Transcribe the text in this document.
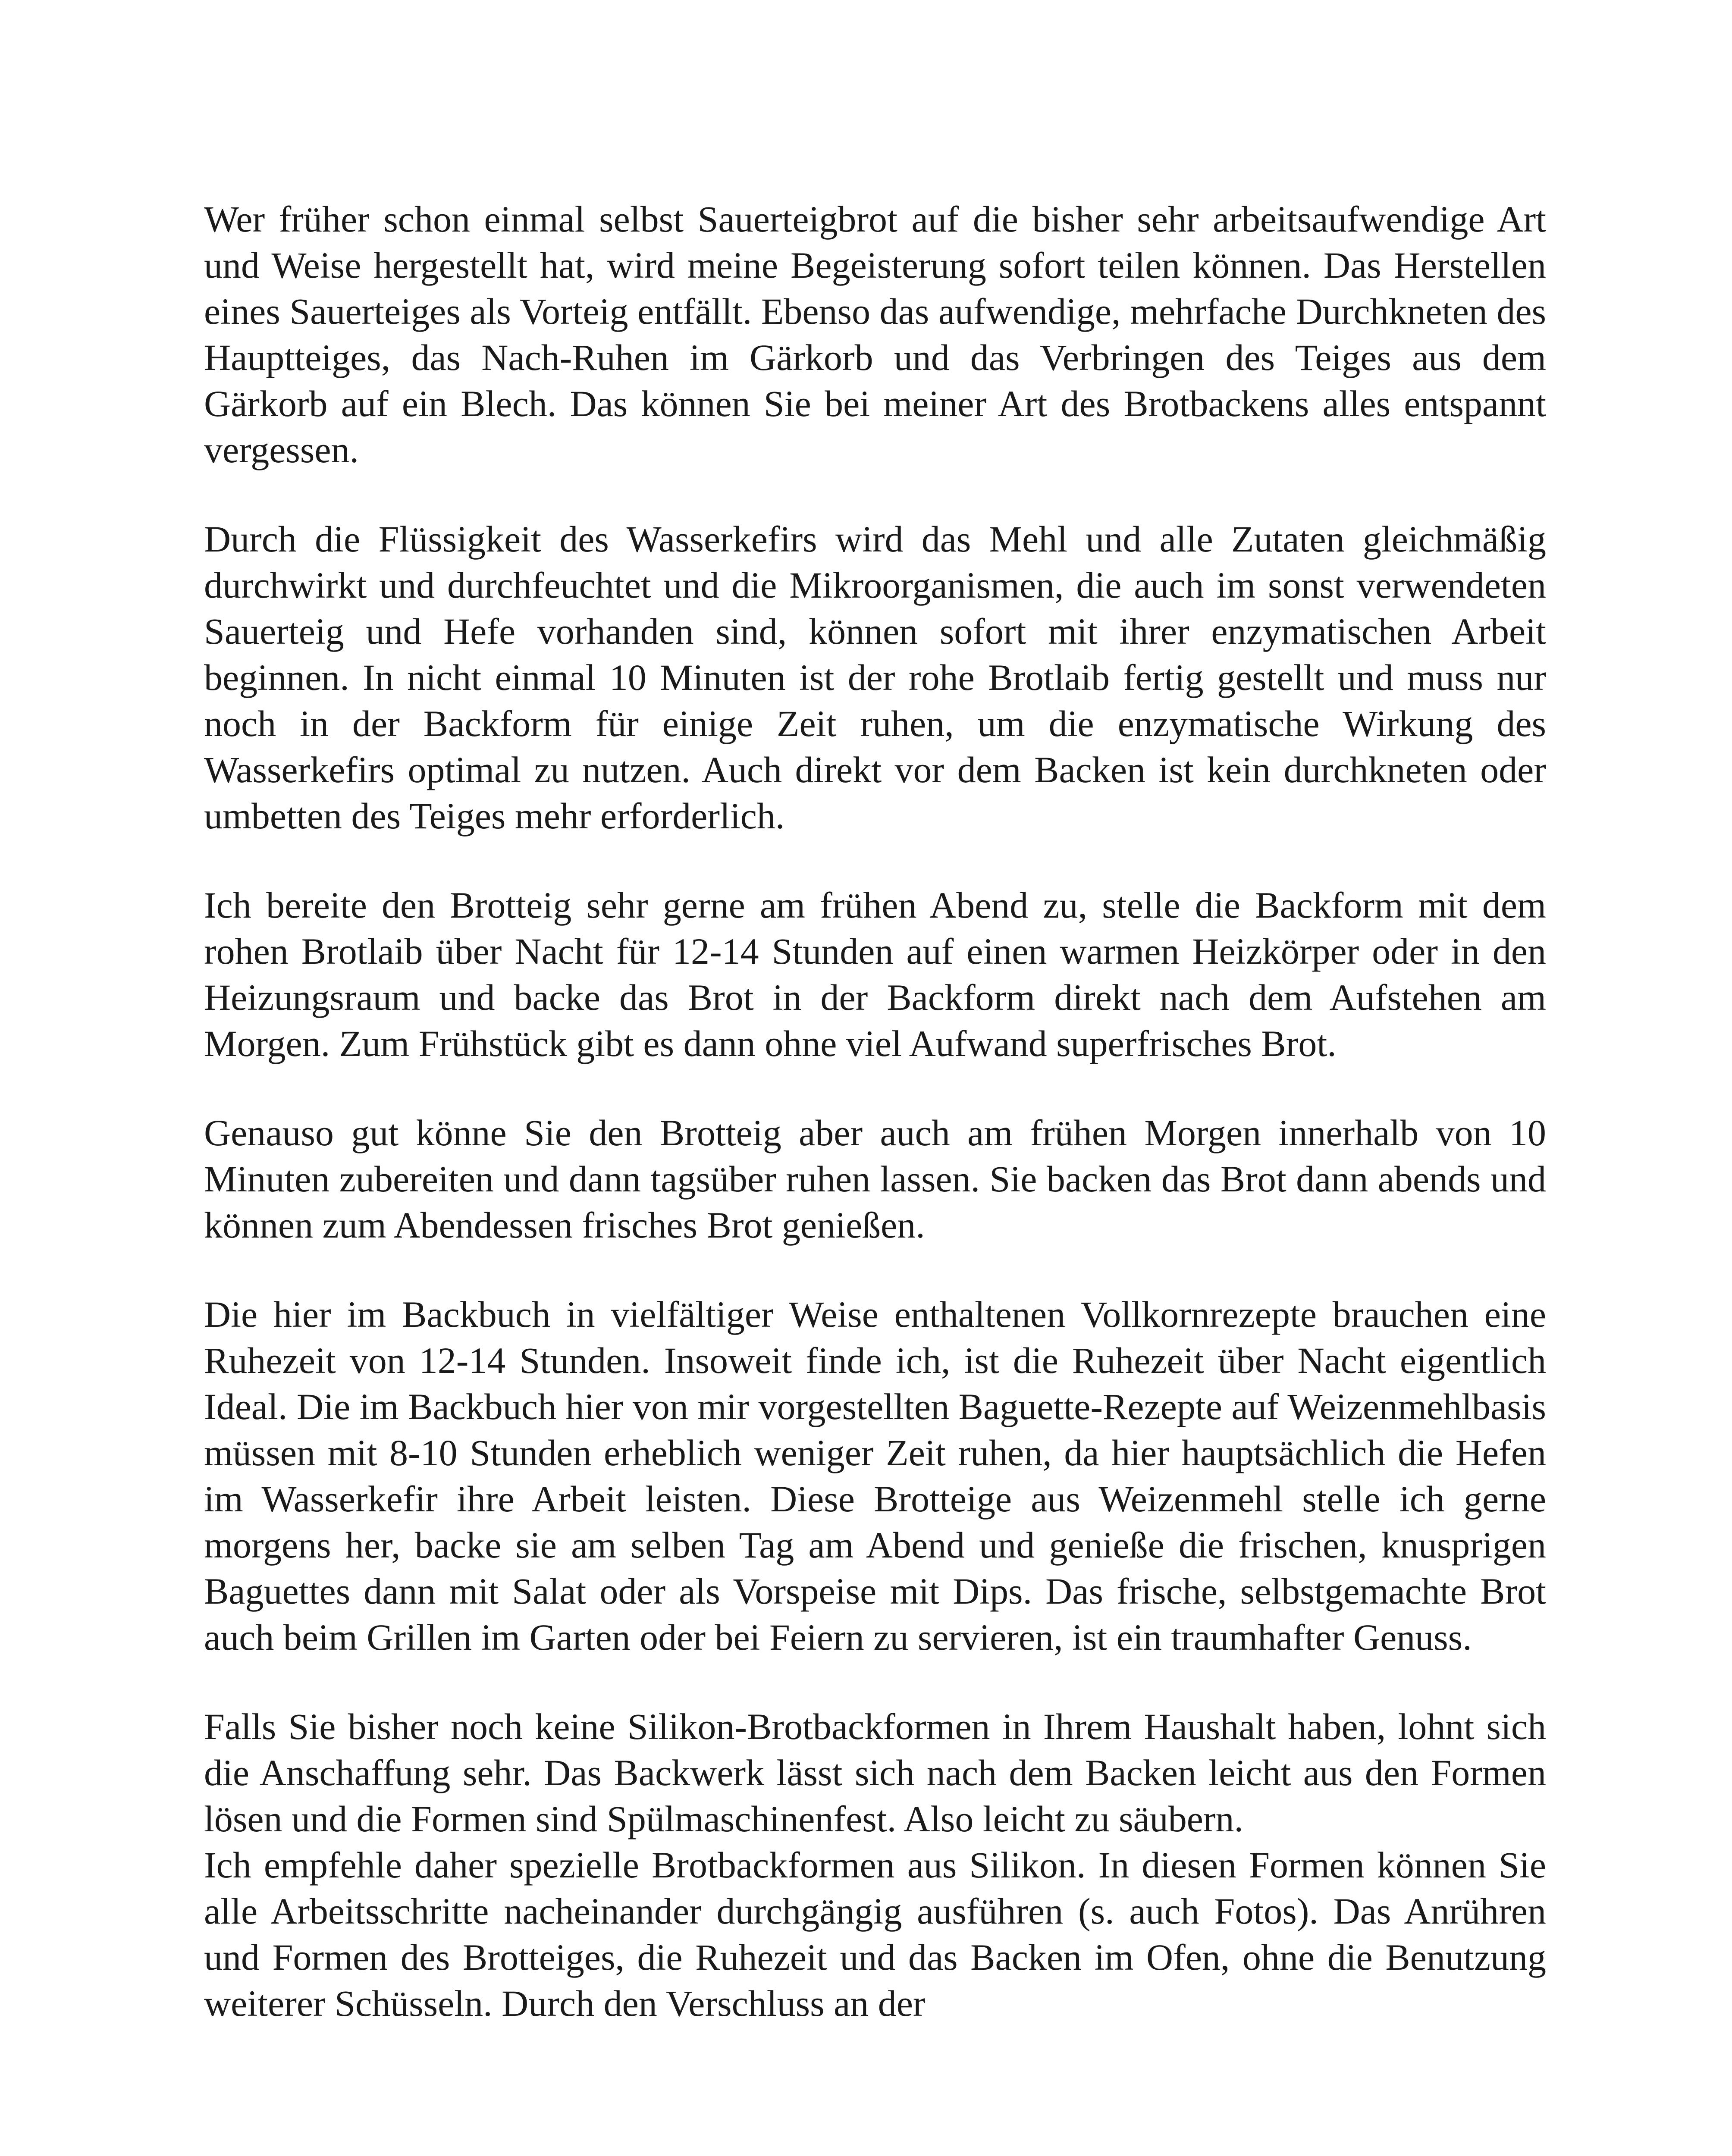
Wer früher schon einmal selbst Sauerteigbrot auf die bisher sehr arbeitsaufwendige Art und Weise hergestellt hat, wird meine Begeisterung sofort teilen können. Das Herstellen eines Sauerteiges als Vorteig entfällt. Ebenso das aufwendige, mehrfache Durchkneten des Hauptteiges, das Nach-Ruhen im Gärkorb und das Verbringen des Teiges aus dem Gärkorb auf ein Blech. Das können Sie bei meiner Art des Brotbackens alles entspannt vergessen.

Durch die Flüssigkeit des Wasserkefirs wird das Mehl und alle Zutaten gleichmäßig durchwirkt und durchfeuchtet und die Mikroorganismen, die auch im sonst verwendeten Sauerteig und Hefe vorhanden sind, können sofort mit ihrer enzymatischen Arbeit beginnen. In nicht einmal 10 Minuten ist der rohe Brotlaib fertig gestellt und muss nur noch in der Backform für einige Zeit ruhen, um die enzymatische Wirkung des Wasserkefirs optimal zu nutzen. Auch direkt vor dem Backen ist kein durchkneten oder umbetten des Teiges mehr erforderlich.

Ich bereite den Brotteig sehr gerne am frühen Abend zu, stelle die Backform mit dem rohen Brotlaib über Nacht für 12-14 Stunden auf einen warmen Heizkörper oder in den Heizungsraum und backe das Brot in der Backform direkt nach dem Aufstehen am Morgen. Zum Frühstück gibt es dann ohne viel Aufwand superfrisches Brot.

Genauso gut könne Sie den Brotteig aber auch am frühen Morgen innerhalb von 10 Minuten zubereiten und dann tagsüber ruhen lassen. Sie backen das Brot dann abends und können zum Abendessen frisches Brot genießen.

Die hier im Backbuch in vielfältiger Weise enthaltenen Vollkornrezepte brauchen eine Ruhezeit von 12-14 Stunden. Insoweit finde ich, ist die Ruhezeit über Nacht eigentlich Ideal. Die im Backbuch hier von mir vorgestellten Baguette-Rezepte auf Weizenmehlbasis müssen mit 8-10 Stunden erheblich weniger Zeit ruhen, da hier hauptsächlich die Hefen im Wasserkefir ihre Arbeit leisten. Diese Brotteige aus Weizenmehl stelle ich gerne morgens her, backe sie am selben Tag am Abend und genieße die frischen, knusprigen Baguettes dann mit Salat oder als Vorspeise mit Dips. Das frische, selbstgemachte Brot auch beim Grillen im Garten oder bei Feiern zu servieren, ist ein traumhafter Genuss.

Falls Sie bisher noch keine Silikon-Brotbackformen in Ihrem Haushalt haben, lohnt sich die Anschaffung sehr. Das Backwerk lässt sich nach dem Backen leicht aus den Formen lösen und die Formen sind Spülmaschinenfest. Also leicht zu säubern.

Ich empfehle daher spezielle Brotbackformen aus Silikon. In diesen Formen können Sie alle Arbeitsschritte nacheinander durchgängig ausführen (s. auch Fotos). Das Anrühren und Formen des Brotteiges, die Ruhezeit und das Backen im Ofen, ohne die Benutzung weiterer Schüsseln. Durch den Verschluss an der
